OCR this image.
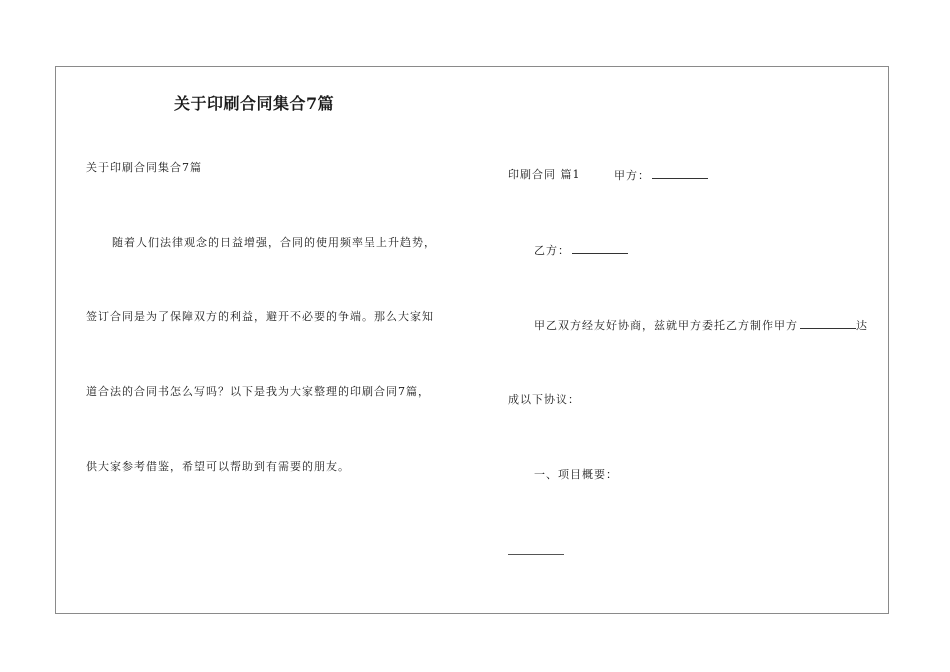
关于印刷合同集合7篇
关于印刷合同集合7篇
随着人们法律观念的日益增强，合同的使用频率呈上升趋势，
签订合同是为了保障双方的利益，避开不必要的争端。那么大家知
道合法的合同书怎么写吗？以下是我为大家整理的印刷合同7篇，
供大家参考借鉴，希望可以帮助到有需要的朋友。
印刷合同 篇1	甲方：
乙方：
甲乙双方经友好协商，兹就甲方委托乙方制作甲方	达
成以下协议：
一、项目概要：
